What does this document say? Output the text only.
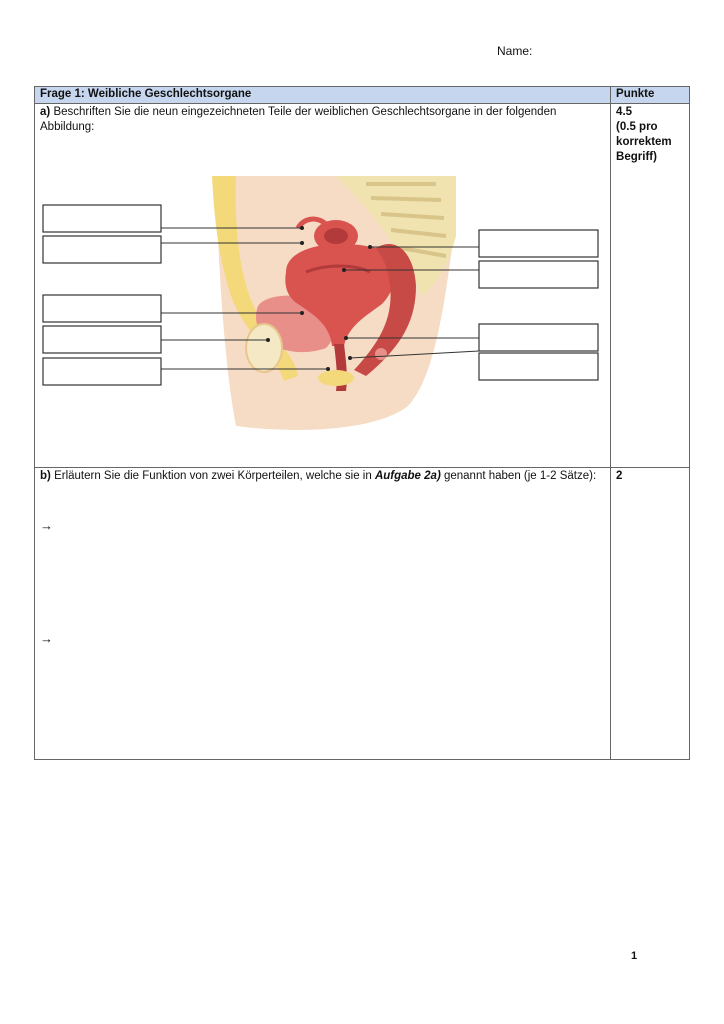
Name:
Frage 1: Weibliche Geschlechtsorgane	Punkte

a) Beschriften Sie die neun eingezeichneten Teile der weiblichen Geschlechtsorgane in der folgenden Abbildung:	4.5
(0.5 pro korrektem Begriff)

b) Erläutern Sie die Funktion von zwei Körperteilen, welche sie in Aufgabe 2a) genannt haben (je 1-2 Sätze):	2
→
→
1
